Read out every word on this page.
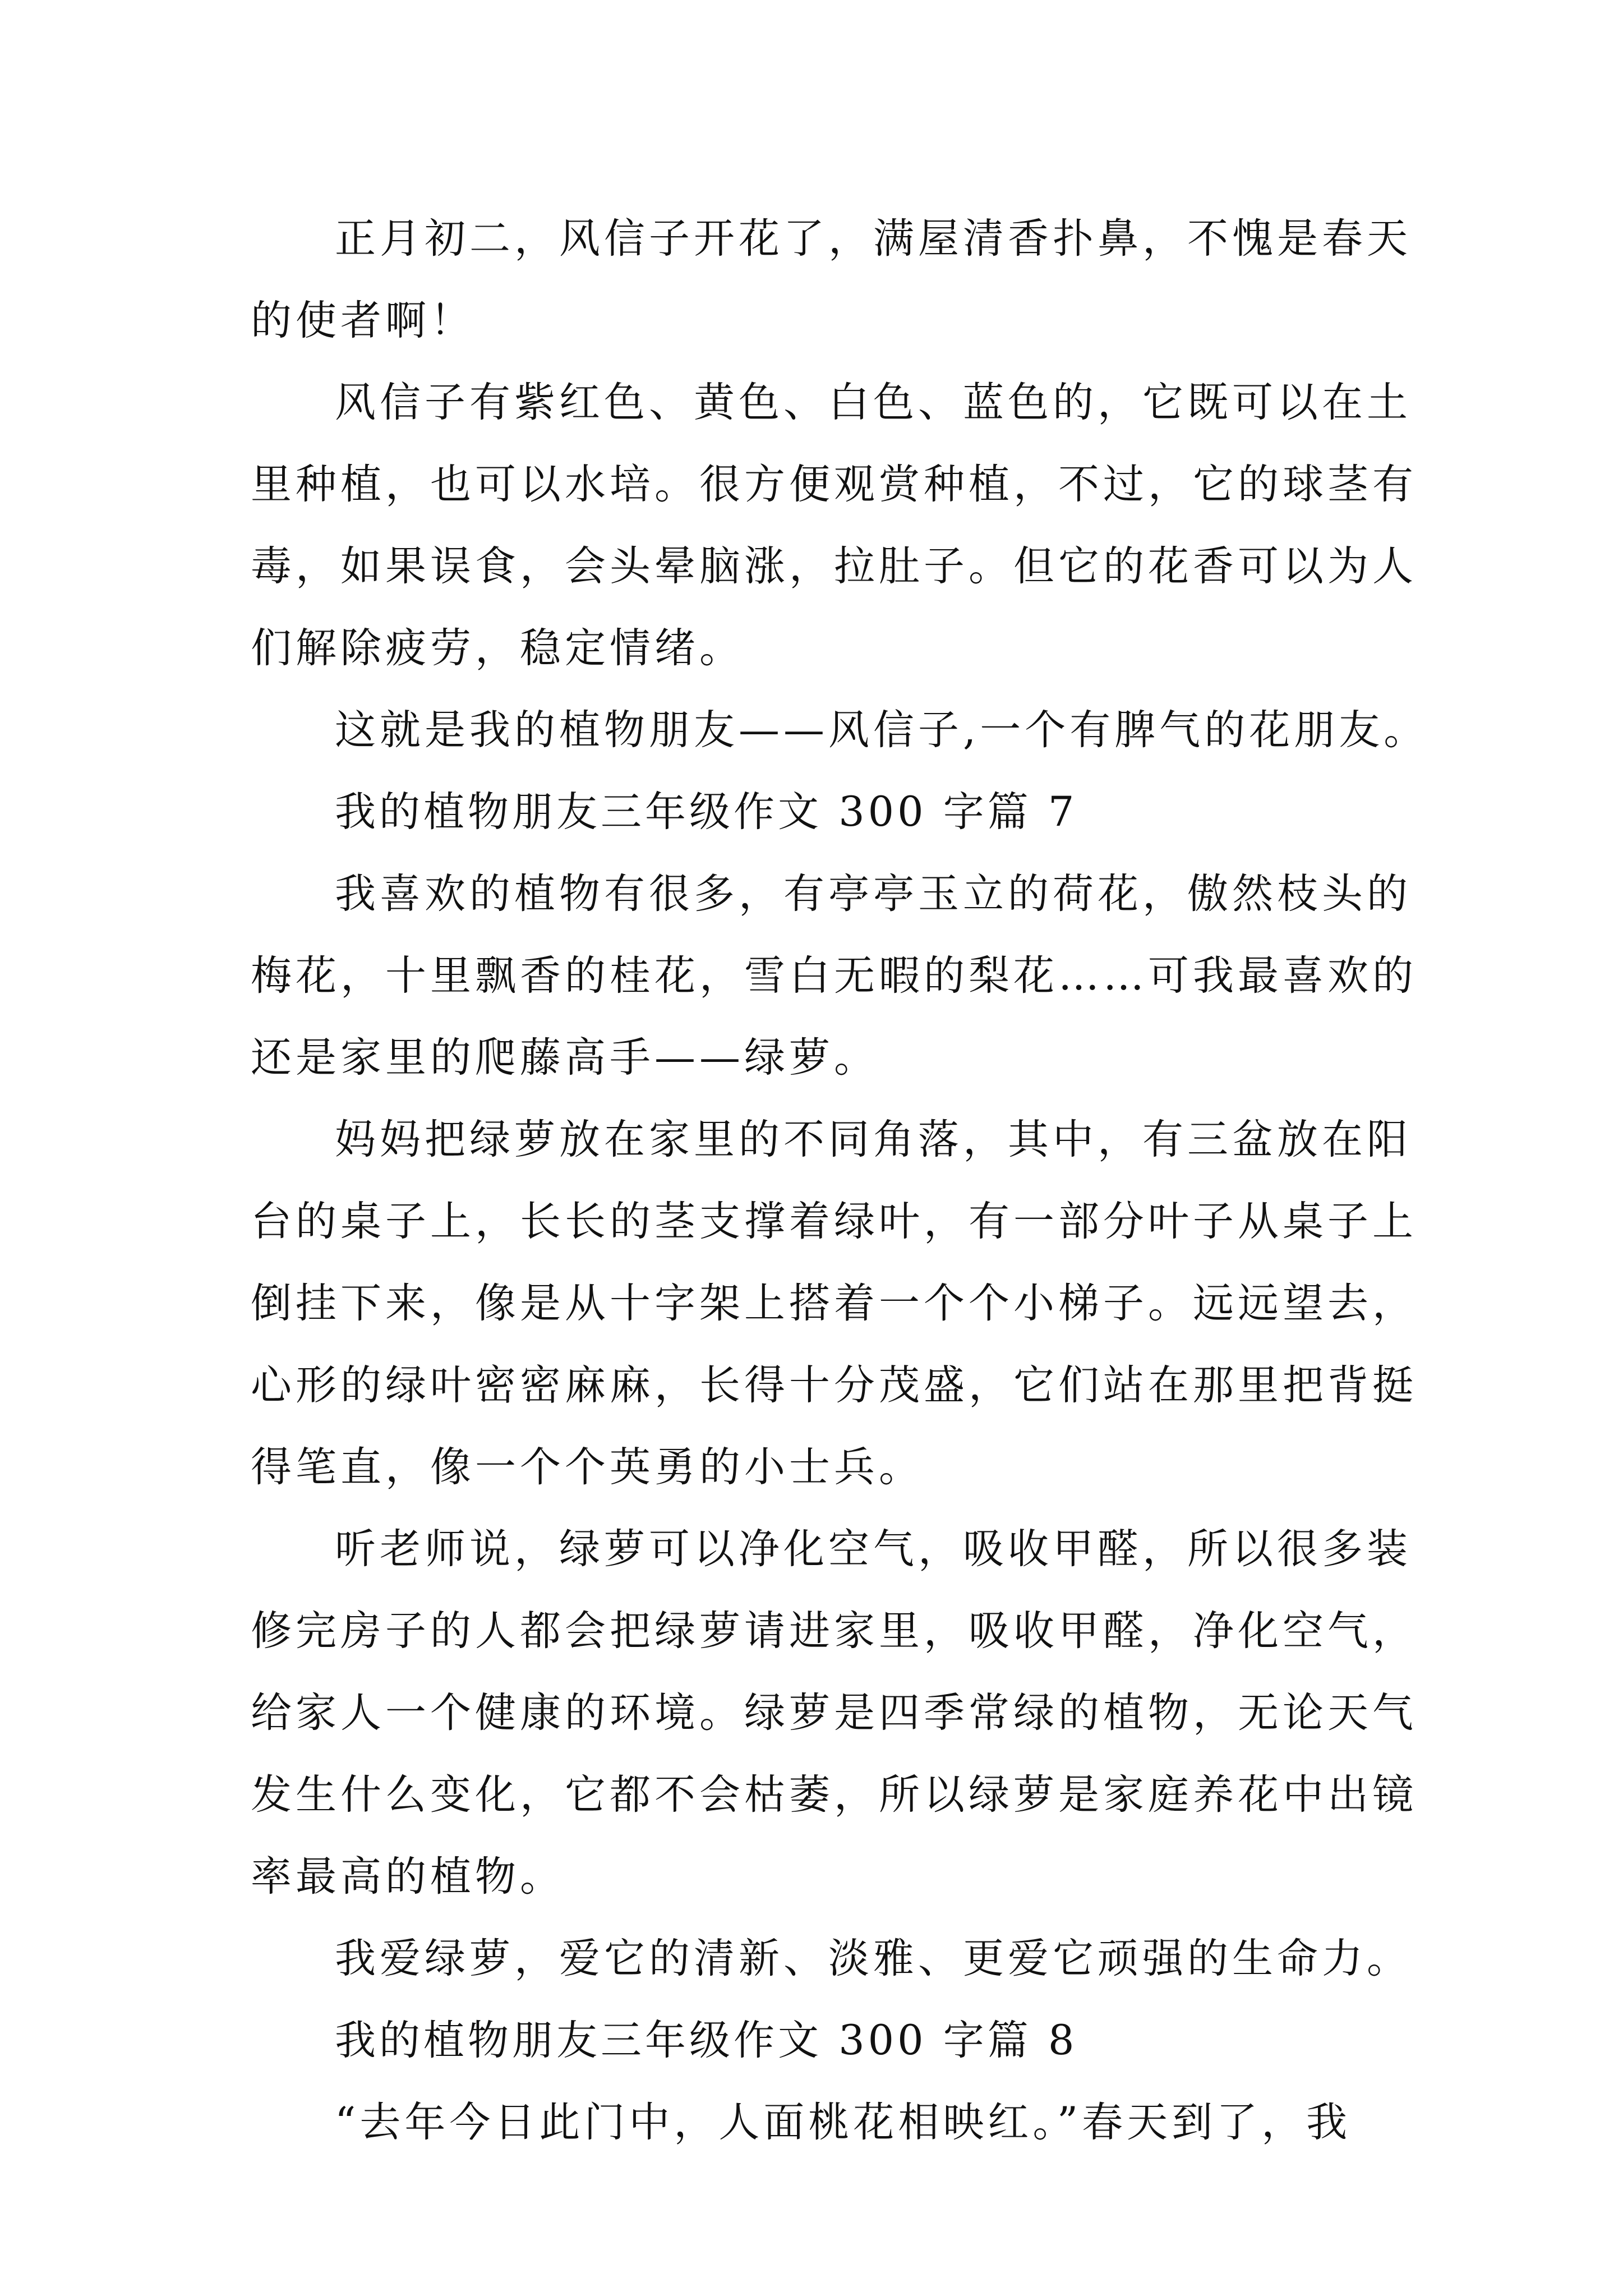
正月初二，风信子开花了，满屋清香扑鼻，不愧是春天
的使者啊！
风信子有紫红色、黄色、白色、蓝色的，它既可以在土
里种植，也可以水培。很方便观赏种植，不过，它的球茎有
毒，如果误食，会头晕脑涨，拉肚子。但它的花香可以为人
们解除疲劳，稳定情绪。
这就是我的植物朋友——风信子,一个有脾气的花朋友。
我的植物朋友三年级作文 300 字篇 7
我喜欢的植物有很多，有亭亭玉立的荷花，傲然枝头的
梅花，十里飘香的桂花，雪白无暇的梨花……可我最喜欢的
还是家里的爬藤高手——绿萝。
妈妈把绿萝放在家里的不同角落，其中，有三盆放在阳
台的桌子上，长长的茎支撑着绿叶，有一部分叶子从桌子上
倒挂下来，像是从十字架上搭着一个个小梯子。远远望去，
心形的绿叶密密麻麻，长得十分茂盛，它们站在那里把背挺
得笔直，像一个个英勇的小士兵。
听老师说，绿萝可以净化空气，吸收甲醛，所以很多装
修完房子的人都会把绿萝请进家里，吸收甲醛，净化空气，
给家人一个健康的环境。绿萝是四季常绿的植物，无论天气
发生什么变化，它都不会枯萎，所以绿萝是家庭养花中出镜
率最高的植物。
我爱绿萝，爱它的清新、淡雅、更爱它顽强的生命力。
我的植物朋友三年级作文 300 字篇 8
“去年今日此门中，人面桃花相映红。”春天到了，我
